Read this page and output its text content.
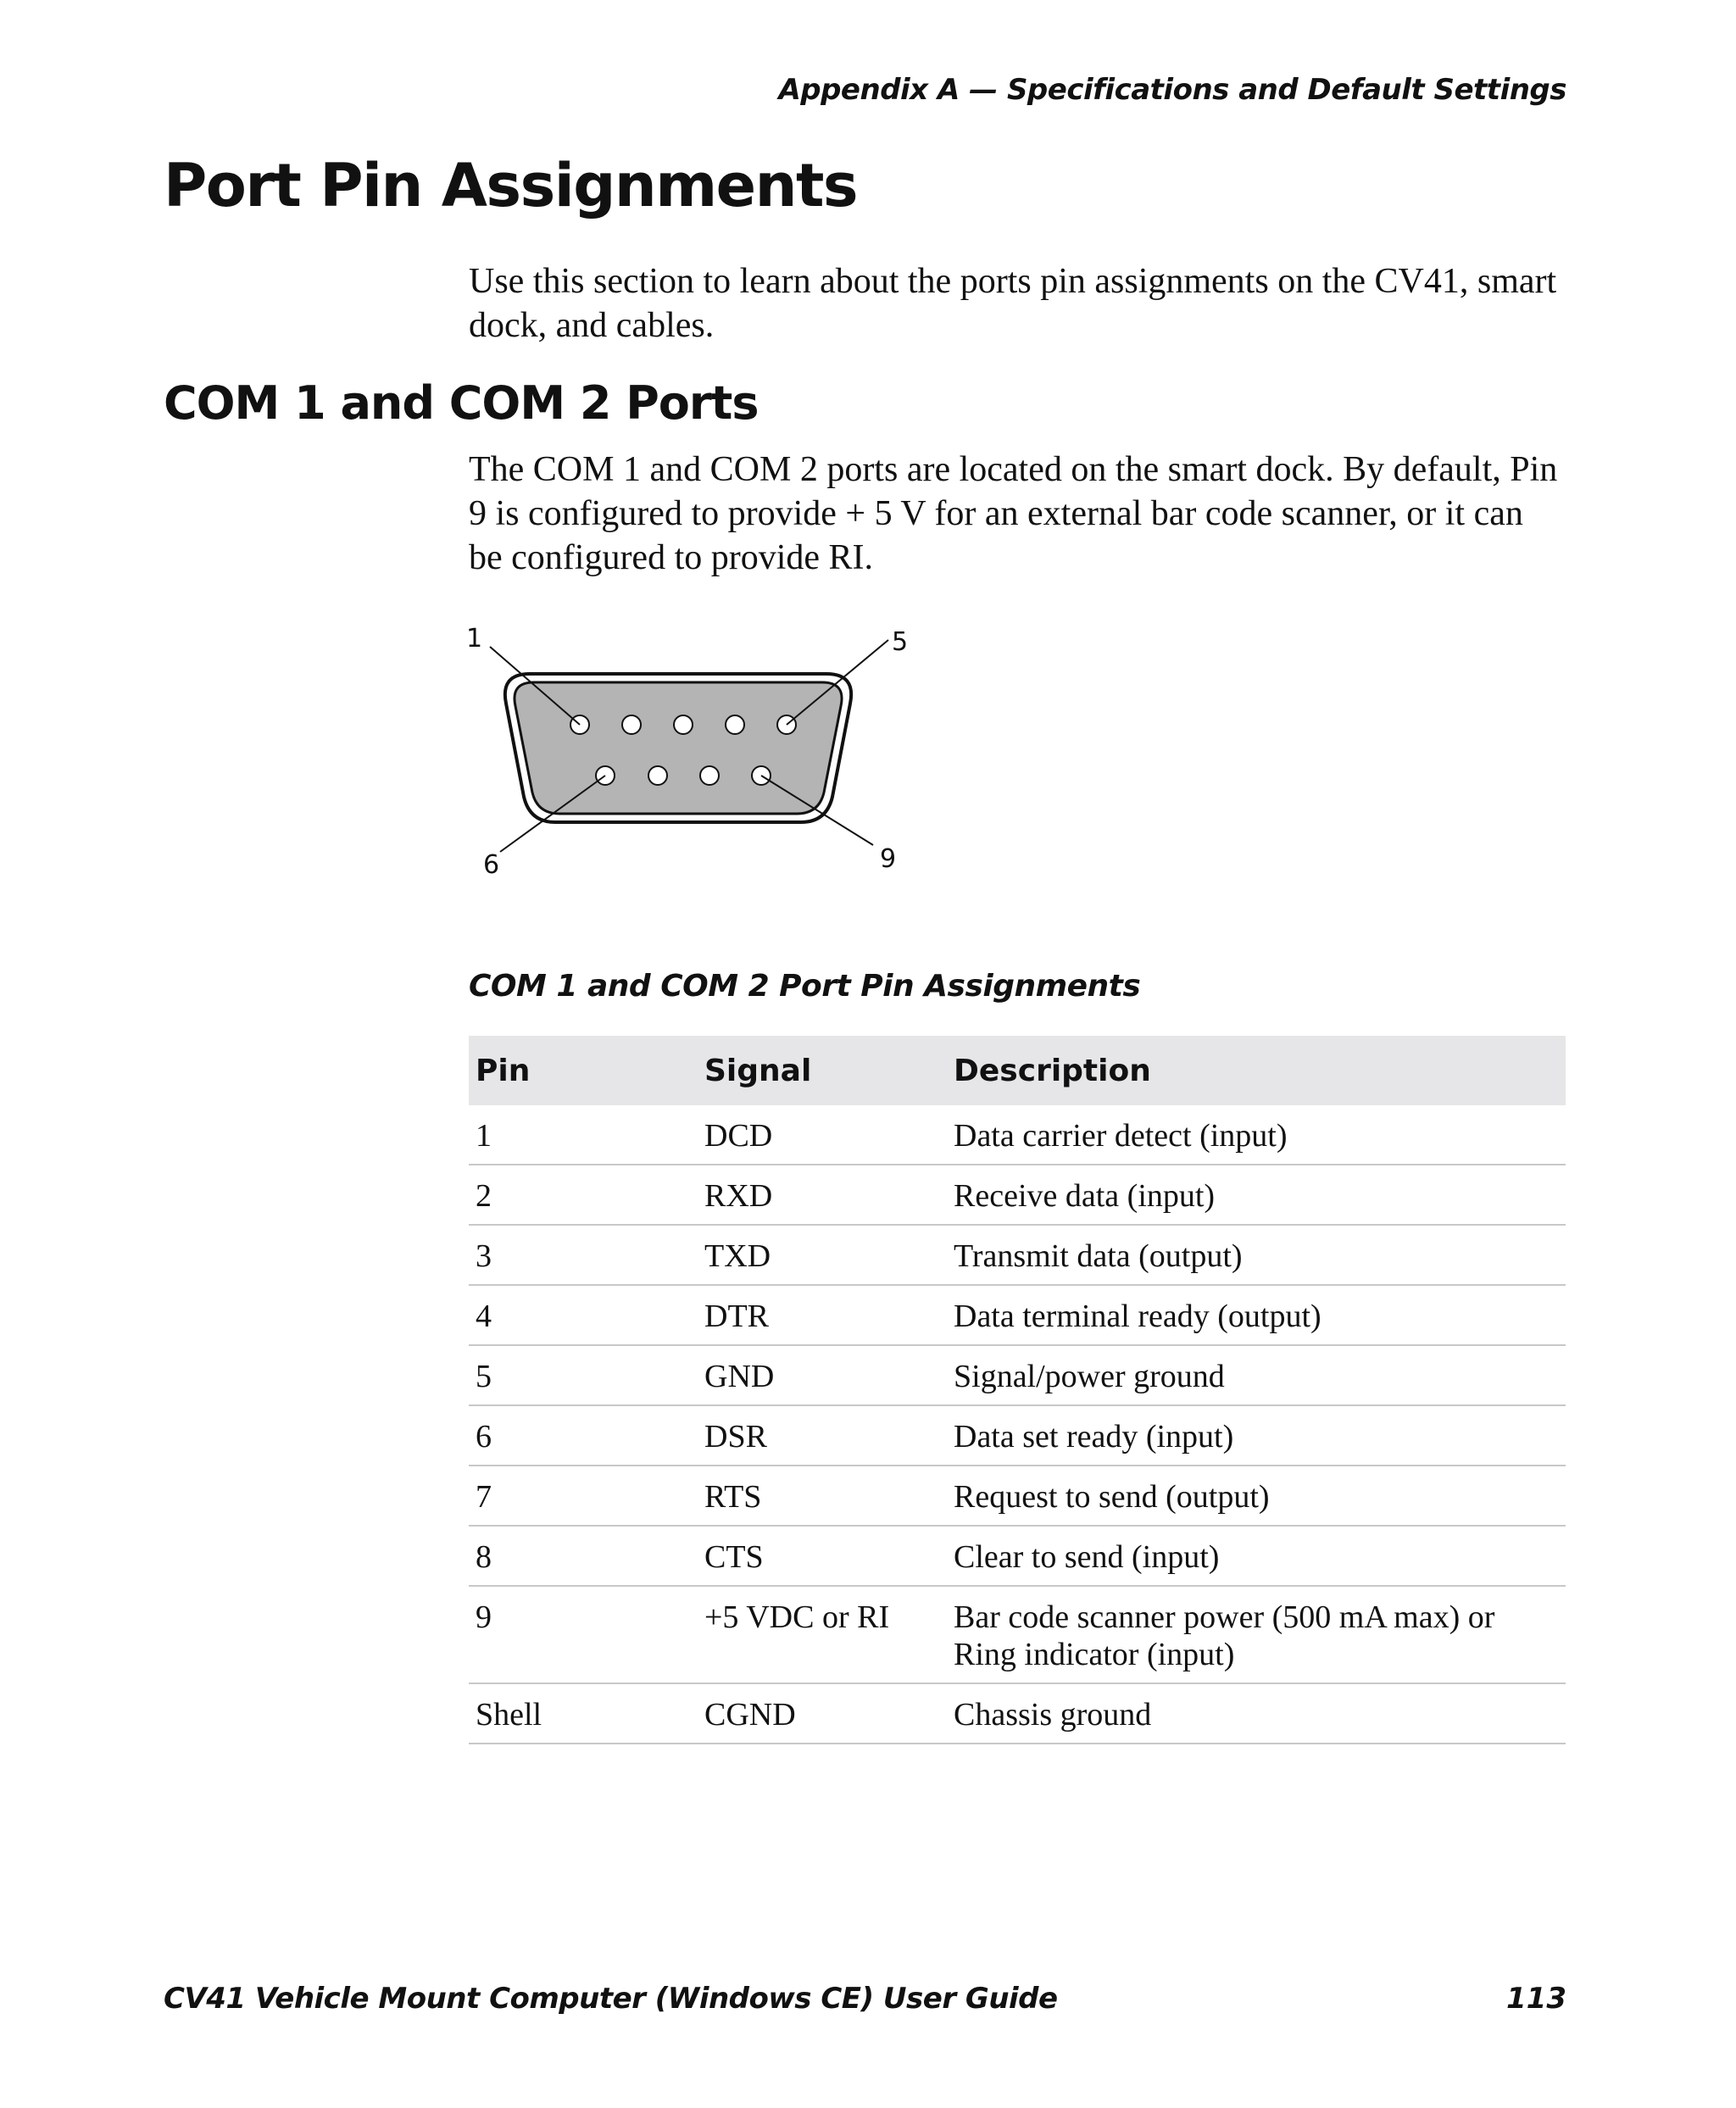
Appendix A — Specifications and Default Settings
Port Pin Assignments

Use this section to learn about the ports pin assignments on the CV41, smart dock, and cables.

COM 1 and COM 2 Ports

The COM 1 and COM 2 ports are located on the smart dock. By default, Pin 9 is configured to provide + 5 V for an external bar code scanner, or it can be configured to provide RI.

1	5
6	9
COM 1 and COM 2 Port Pin Assignments
Pin	Signal	Description
1	DCD	Data carrier detect (input)
2	RXD	Receive data (input)
3	TXD	Transmit data (output)
4	DTR	Data terminal ready (output)
5	GND	Signal/power ground
6	DSR	Data set ready (input)
7	RTS	Request to send (output)
8	CTS	Clear to send (input)
9	+5 VDC or RI	Bar code scanner power (500 mA max) or Ring indicator (input)
Shell	CGND	Chassis ground
CV41 Vehicle Mount Computer (Windows CE) User Guide	113
